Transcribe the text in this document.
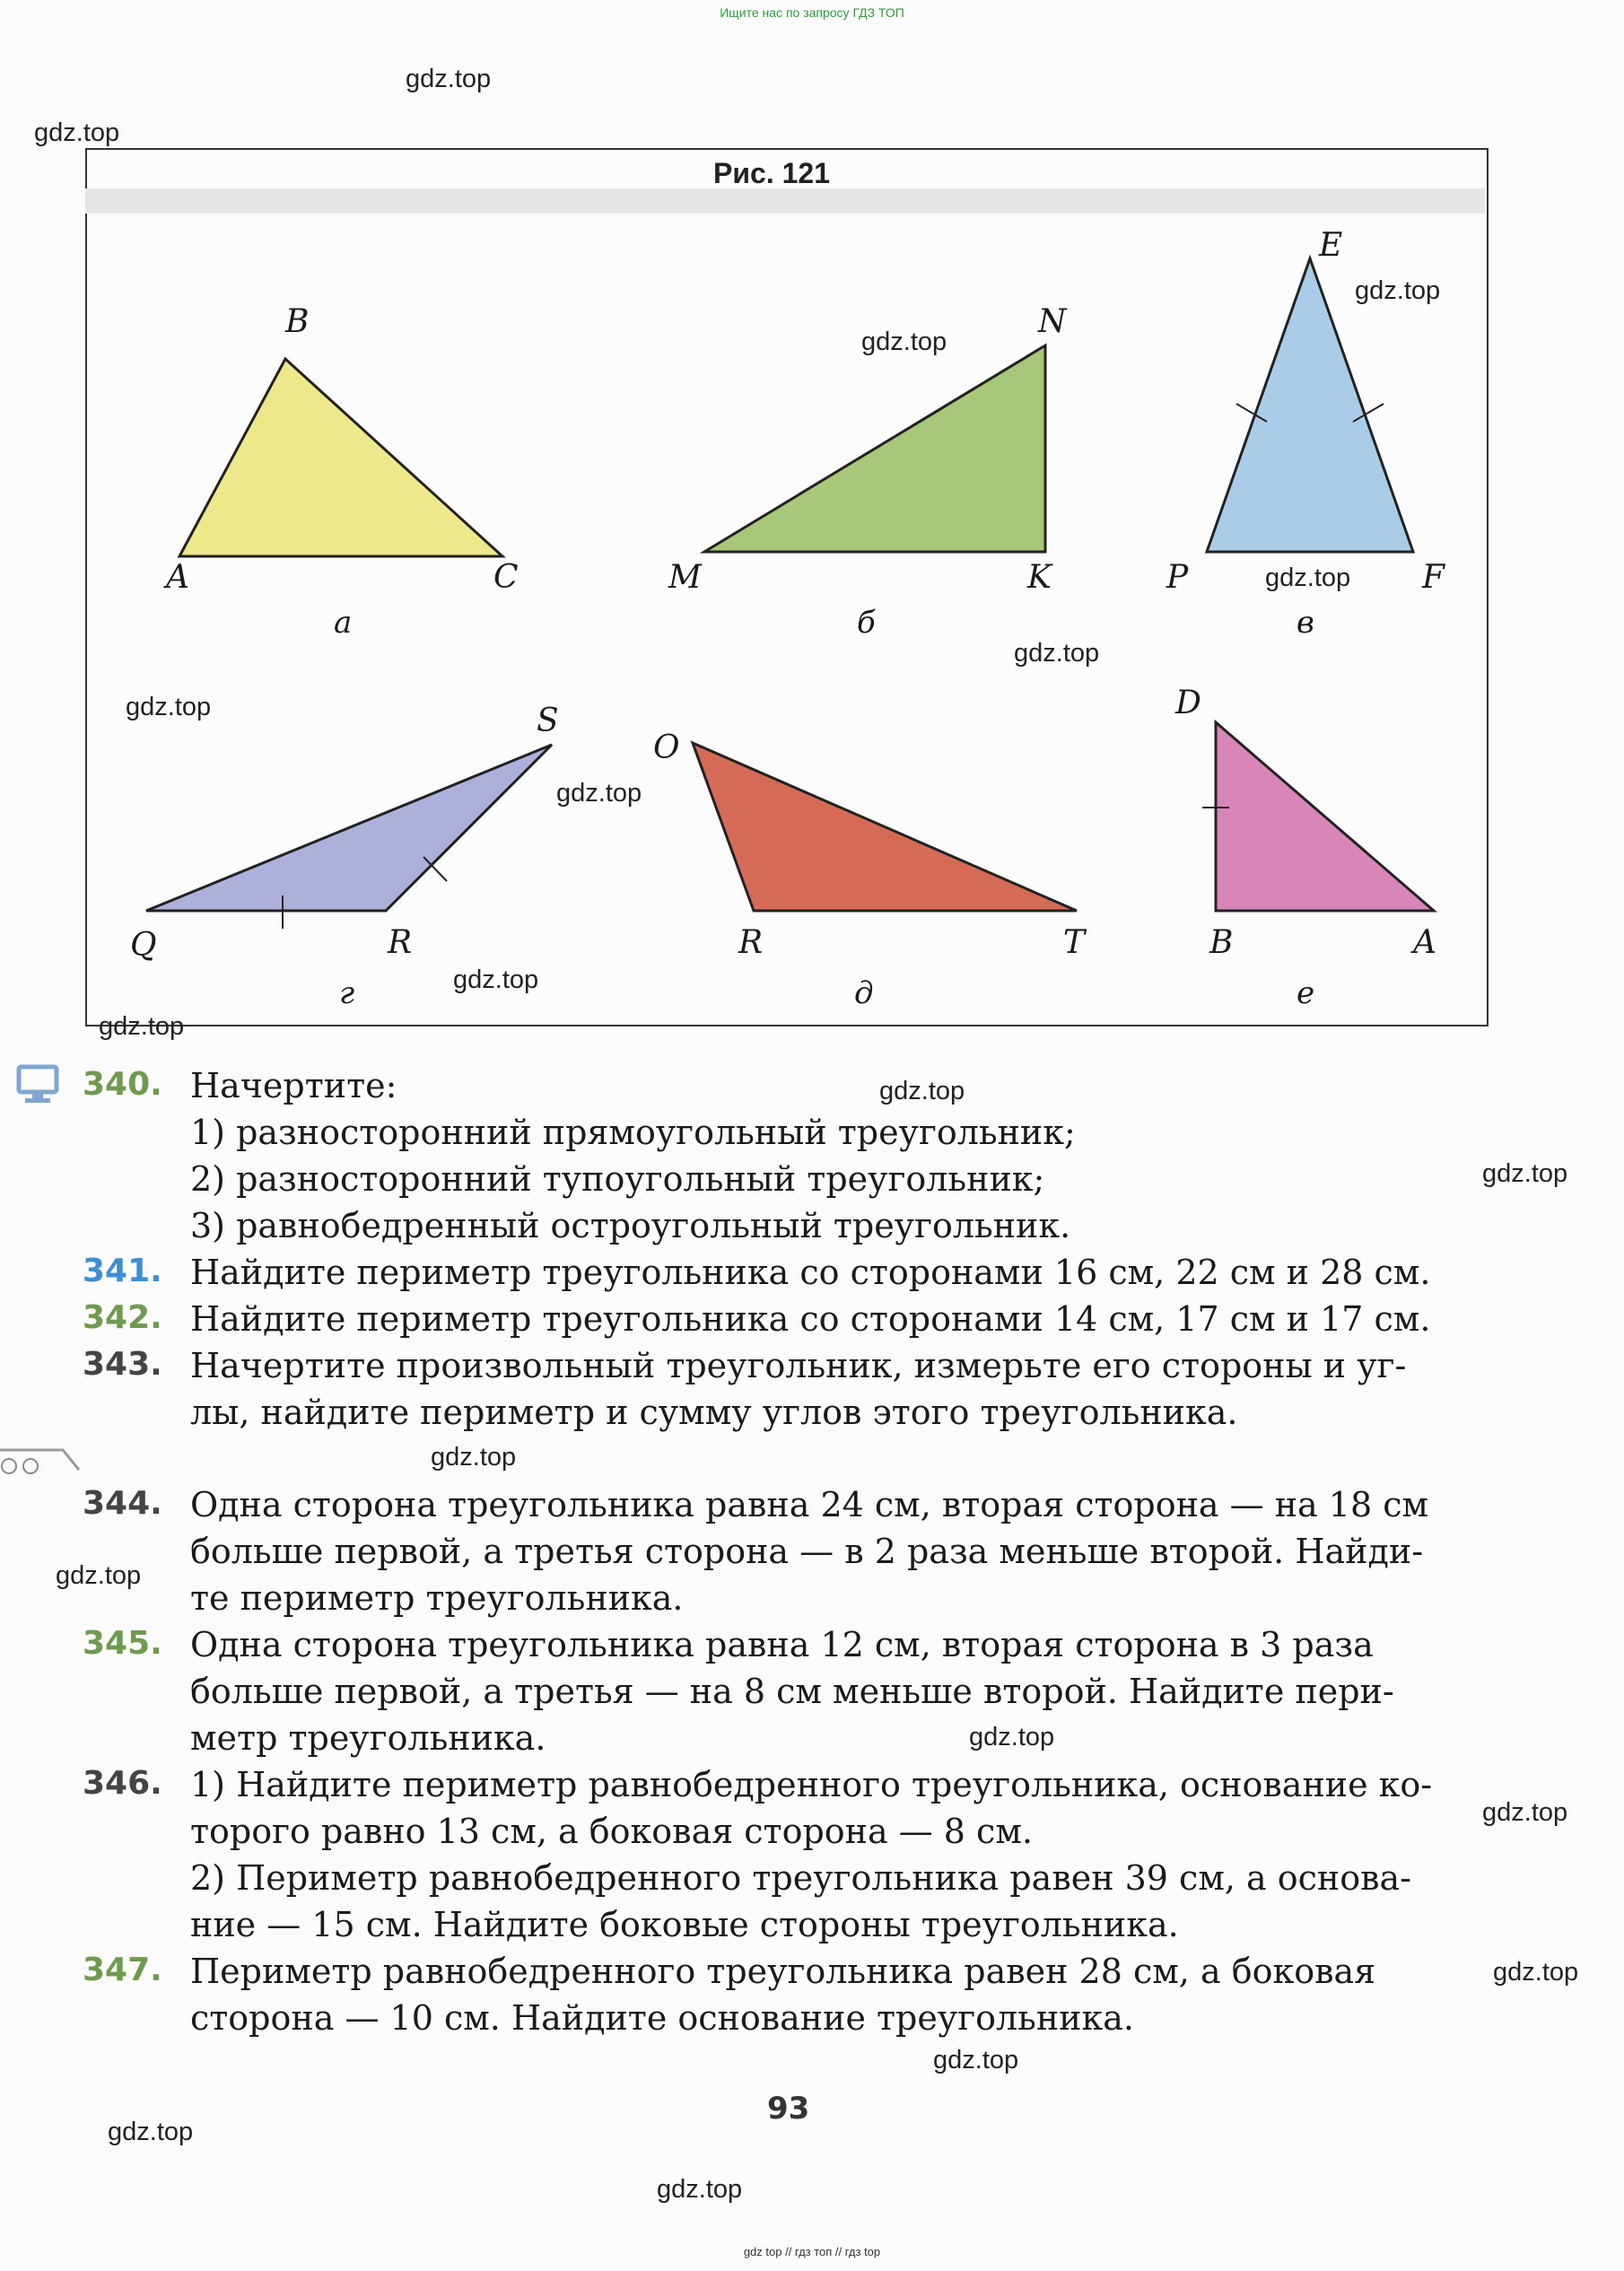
Ищите нас по запросу ГДЗ ТОП
Рис. 121
B
A	C
а
N
M	K
б
E
P	F
в
S
Q	R
г
O
R	T
д
D
B	A
е
340. Начертите:
1) разносторонний прямоугольный треугольник;
2) разносторонний тупоугольный треугольник;
3) равнобедренный остроугольный треугольник.
341. Найдите периметр треугольника со сторонами 16 см, 22 см и 28 см.
342. Найдите периметр треугольника со сторонами 14 см, 17 см и 17 см.
343. Начертите произвольный треугольник, измерьте его стороны и уг-
лы, найдите периметр и сумму углов этого треугольника.
344. Одна сторона треугольника равна 24 см, вторая сторона — на 18 см
больше первой, а третья сторона — в 2 раза меньше второй. Найди-
те периметр треугольника.
345. Одна сторона треугольника равна 12 см, вторая сторона в 3 раза
больше первой, а третья — на 8 см меньше второй. Найдите пери-
метр треугольника.
346. 1) Найдите периметр равнобедренного треугольника, основание ко-
торого равно 13 см, а боковая сторона — 8 см.
2) Периметр равнобедренного треугольника равен 39 см, а основа-
ние — 15 см. Найдите боковые стороны треугольника.
347. Периметр равнобедренного треугольника равен 28 см, а боковая
сторона — 10 см. Найдите основание треугольника.
93
gdz.top
gdz.top
gdz.top
gdz.top
gdz.top
gdz.top
gdz.top
gdz.top
gdz.top
gdz.top
gdz.top
gdz.top
gdz.top
gdz.top
gdz.top
gdz.top
gdz.top
gdz.top
gdz.top
gdz.top
gdz top // гдз топ // гдз top
